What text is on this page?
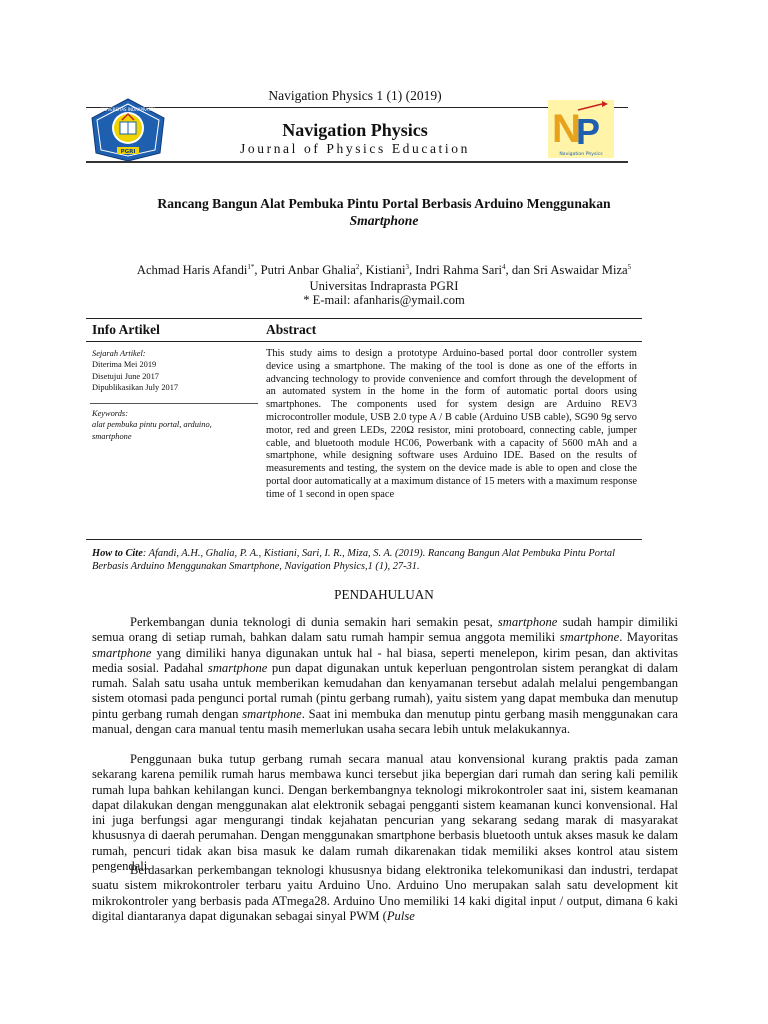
Navigation Physics 1 (1) (2019)
PGRI
UNIVERSITAS INDRAPRASTA
Navigation Physics
Journal of Physics Education	N
P
Navigation Physics
Rancang Bangun Alat Pembuka Pintu Portal Berbasis Arduino Menggunakan
Smartphone
Achmad Haris Afandi$^{1*}$, Putri Anbar Ghalia$^2$, Kistiani$^3$, Indri Rahma Sari$^4$, dan Sri Aswaidar Miza$^5$
Universitas Indraprasta PGRI
* E-mail: afanharis@ymail.com
Info Artikel	Abstract
Sejarah Artikel:
Diterima Mei 2019
Disetujui June 2017
Dipublikasikan July 2017
Keywords:
alat pembuka pintu portal, arduino,
smartphone
This study aims to design a prototype Arduino-based portal door controller system device using a smartphone. The making of the tool is done as one of the efforts in advancing technology to provide convenience and comfort through the development of an automated system in the home in the form of automatic portal doors using smartphones. The components used for system design are Arduino REV3 microcontroller module, USB 2.0 type A / B cable (Arduino USB cable), SG90 9g servo motor, red and green LEDs, 220Ω resistor, mini protoboard, connecting cable, jumper cable, and bluetooth module HC06, Powerbank with a capacity of 5600 mAh and a smartphone, while designing software uses Arduino IDE. Based on the results of measurements and testing, the system on the device made is able to open and close the portal door automatically at a maximum distance of 15 meters with a maximum response time of 1 second in open space
How to Cite: Afandi, A.H., Ghalia, P. A., Kistiani, Sari, I. R., Miza, S. A. (2019). Rancang Bangun Alat Pembuka Pintu Portal
Berbasis Arduino Menggunakan Smartphone, Navigation Physics,1 (1), 27-31.
PENDAHULUAN
Perkembangan dunia teknologi di dunia semakin hari semakin pesat, smartphone sudah hampir dimiliki semua orang di setiap rumah, bahkan dalam satu rumah hampir semua anggota memiliki smartphone. Mayoritas smartphone yang dimiliki hanya digunakan untuk hal - hal biasa, seperti menelepon, kirim pesan, dan aktivitas media sosial. Padahal smartphone pun dapat digunakan untuk keperluan pengontrolan sistem perangkat di dalam rumah. Salah satu usaha untuk memberikan kemudahan dan kenyamanan tersebut adalah melalui pengembangan sistem otomasi pada pengunci portal rumah (pintu gerbang rumah), yaitu sistem yang dapat membuka dan menutup pintu gerbang rumah dengan smartphone. Saat ini membuka dan menutup pintu gerbang masih menggunakan cara manual, dengan cara manual tentu masih memerlukan usaha secara lebih untuk melakukannya.
Penggunaan buka tutup gerbang rumah secara manual atau konvensional kurang praktis pada zaman sekarang karena pemilik rumah harus membawa kunci tersebut jika bepergian dari rumah dan sering kali pemilik rumah lupa bahkan kehilangan kunci. Dengan berkembangnya teknologi mikrokontroler saat ini, sistem keamanan dapat dilakukan dengan menggunakan alat elektronik sebagai pengganti sistem keamanan kunci konvensional. Hal ini juga berfungsi agar mengurangi tindak kejahatan pencurian yang sekarang sedang marak di masyarakat khususnya di daerah perumahan. Dengan menggunakan smartphone berbasis bluetooth untuk akses masuk ke dalam rumah, pencuri tidak akan bisa masuk ke dalam rumah dikarenakan tidak memiliki akses kontrol atau sistem pengendali.
Berdasarkan perkembangan teknologi khususnya bidang elektronika telekomunikasi dan industri, terdapat suatu sistem mikrokontroler terbaru yaitu Arduino Uno. Arduino Uno merupakan salah satu development kit mikrokontroler yang berbasis pada ATmega28. Arduino Uno memiliki 14 kaki digital input / output, dimana 6 kaki digital diantaranya dapat digunakan sebagai sinyal PWM (Pulse
